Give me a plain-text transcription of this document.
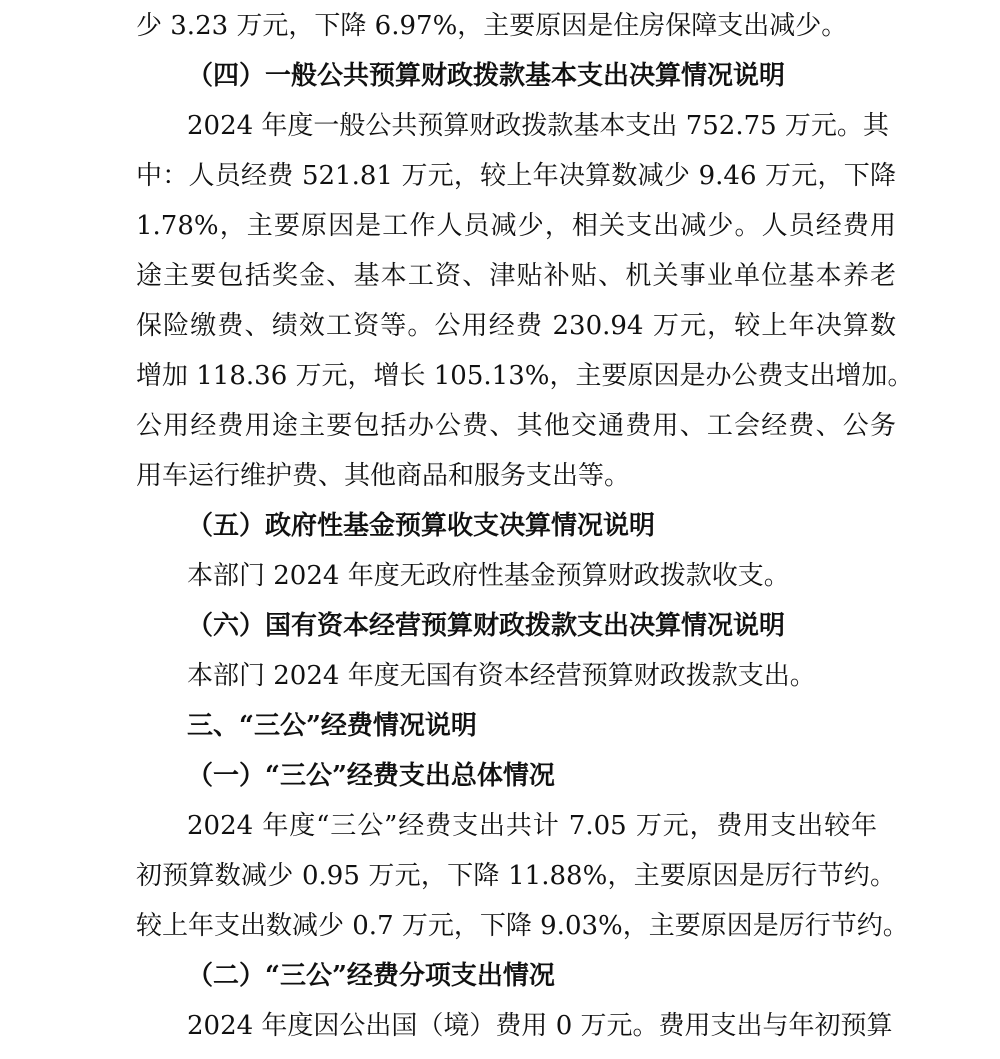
少 3.23 万元，下降 6.97%，主要原因是住房保障支出减少。
（四）一般公共预算财政拨款基本支出决算情况说明
2024 年度一般公共预算财政拨款基本支出 752.75 万元。其
中：人员经费 521.81 万元，较上年决算数减少 9.46 万元，下降
1.78%，主要原因是工作人员减少，相关支出减少。人员经费用
途主要包括奖金、基本工资、津贴补贴、机关事业单位基本养老
保险缴费、绩效工资等。公用经费 230.94 万元，较上年决算数
增加 118.36 万元，增长 105.13%，主要原因是办公费支出增加。
公用经费用途主要包括办公费、其他交通费用、工会经费、公务
用车运行维护费、其他商品和服务支出等。
（五）政府性基金预算收支决算情况说明
本部门 2024 年度无政府性基金预算财政拨款收支。
（六）国有资本经营预算财政拨款支出决算情况说明
本部门 2024 年度无国有资本经营预算财政拨款支出。
三、“三公”经费情况说明
（一）“三公”经费支出总体情况
2024 年度“三公”经费支出共计 7.05 万元，费用支出较年
初预算数减少 0.95 万元，下降 11.88%，主要原因是厉行节约。
较上年支出数减少 0.7 万元，下降 9.03%，主要原因是厉行节约。
（二）“三公”经费分项支出情况
2024 年度因公出国（境）费用 0 万元。费用支出与年初预算
